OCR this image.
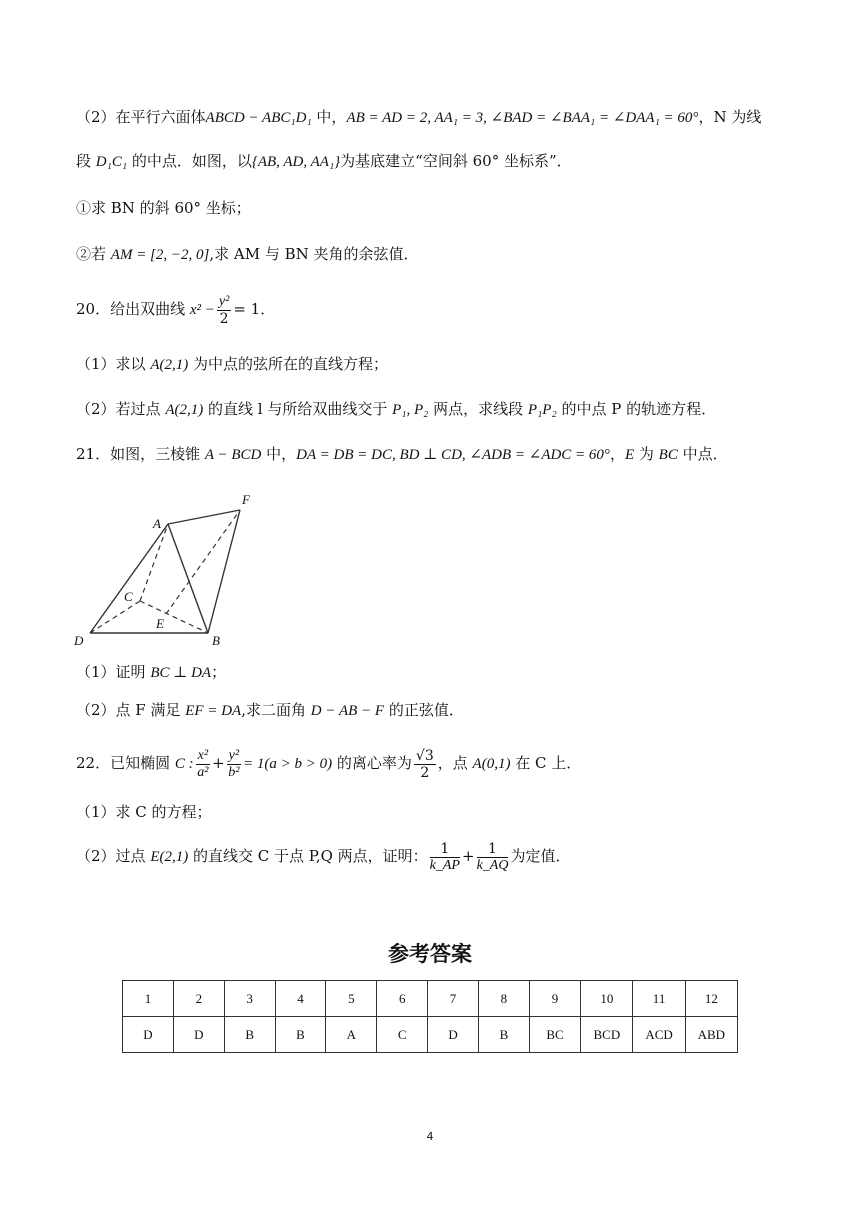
（2）在平行六面体ABCD − ABC₁D₁ 中，AB = AD = 2, AA₁ = 3, ∠BAD = ∠BAA₁ = ∠DAA₁ = 60°，N 为线
段 D₁C₁ 的中点．如图，以{AB, AD, AA₁}为基底建立“空间斜 60° 坐标系”．
①求 BN 的斜 60° 坐标；
②若 AM = [2, −2, 0],求 AM 与 BN 夹角的余弦值．
20．给出双曲线 $x^2 - \frac{\text{y²}}{2} = 1$．
（1）求以 A(2,1) 为中点的弦所在的直线方程；
（2）若过点 A(2,1) 的直线 l 与所给双曲线交于 P₁, P₂ 两点，求线段 P₁P₂ 的中点 P 的轨迹方程．
21．如图，三棱锥 A − BCD 中，DA = DB = DC, BD ⊥ CD, ∠ADB = ∠ADC = 60°，E 为 BC 中点．
A
F
C
E
D	B
（1）证明 BC ⊥ DA；
（2）点 F 满足 EF = DA,求二面角 D − AB − F 的正弦值．
22．已知椭圆 C : $\frac{\text{x²}}{\text{a²}} + \frac{\text{y²}}{\text{b²}} = 1(a > b > 0)$ 的离心率为 $\frac{√3}{2}$ ，点 A(0,1) 在 C 上．
（1）求 C 的方程；
（2）过点 E(2,1) 的直线交 C 于点 P,Q 两点，证明： $\frac{1}{k\_AP} + \frac{1}{k\_AQ}$ 为定值．
参考答案
1	2	3	4	5	6	7	8	9	10	11	12
D	D	B	B	A	C	D	B	BC	BCD	ACD	ABD
4
